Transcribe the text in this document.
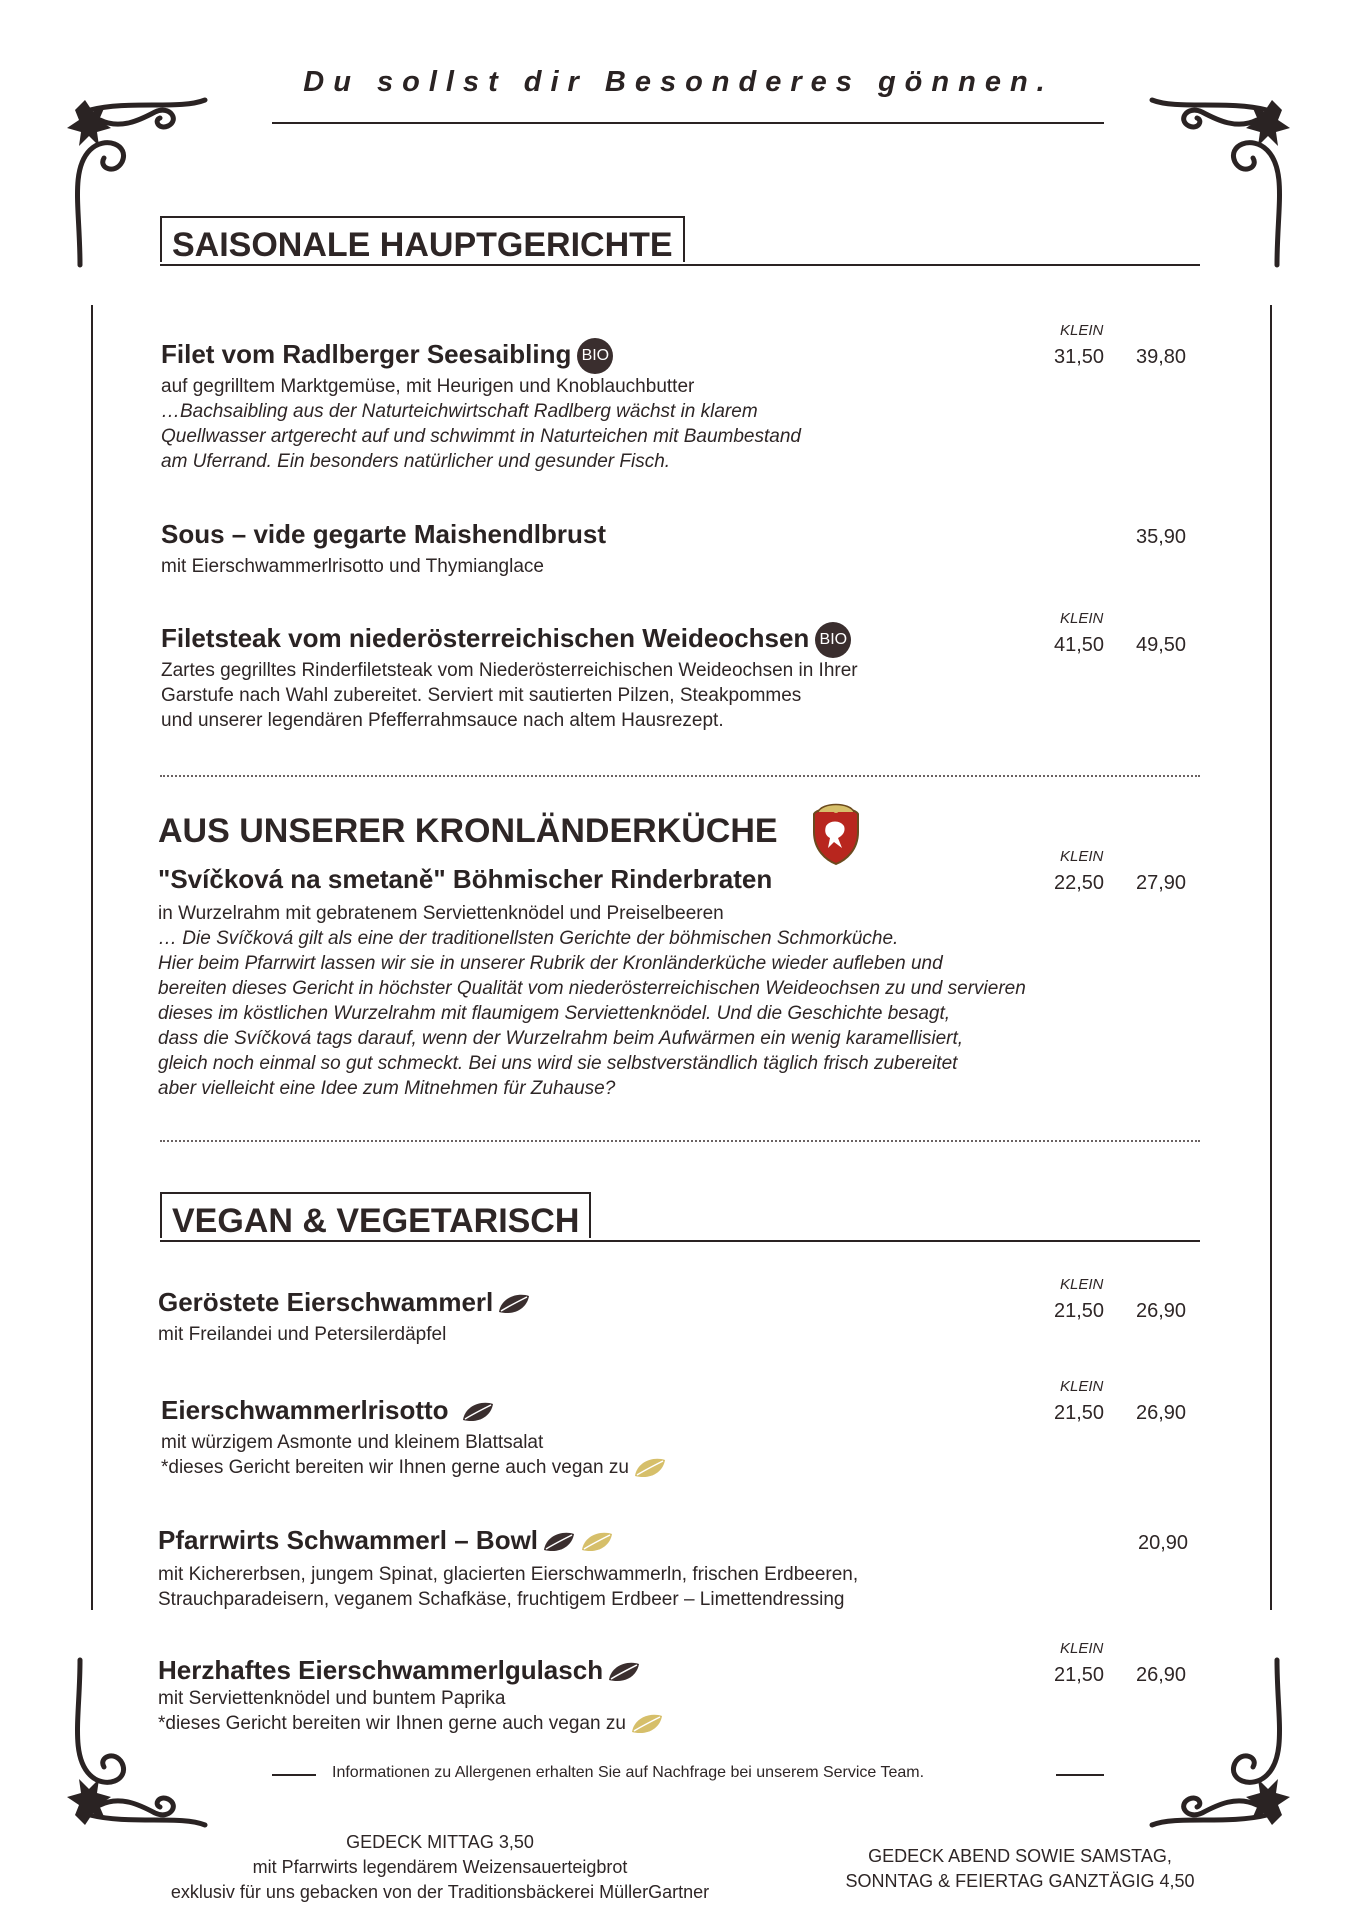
Du sollst dir Besonderes gönnen.
SAISONALE HAUPTGERICHTE
Filet vom Radlberger Seesaibling BIO
auf gegrilltem Marktgemüse, mit Heurigen und Knoblauchbutter
…Bachsaibling aus der Naturteichwirtschaft Radlberg wächst in klarem
Quellwasser artgerecht auf und schwimmt in Naturteichen mit Baumbestand
am Uferrand. Ein besonders natürlicher und gesunder Fisch.
KLEIN
31,50 39,80
Sous – vide gegarte Maishendlbrust
mit Eierschwammerlrisotto und Thymianglace
35,90
Filetsteak vom niederösterreichischen Weideochsen BIO
Zartes gegrilltes Rinderfiletsteak vom Niederösterreichischen Weideochsen in Ihrer
Garstufe nach Wahl zubereitet. Serviert mit sautierten Pilzen, Steakpommes
und unserer legendären Pfefferrahmsauce nach altem Hausrezept.
KLEIN
41,50 49,50
AUS UNSERER KRONLÄNDERKÜCHE
"Svíčková na smetaně" Böhmischer Rinderbraten
in Wurzelrahm mit gebratenem Serviettenknödel und Preiselbeeren
… Die Svíčková gilt als eine der traditionellsten Gerichte der böhmischen Schmorküche.
Hier beim Pfarrwirt lassen wir sie in unserer Rubrik der Kronländerküche wieder aufleben und
bereiten dieses Gericht in höchster Qualität vom niederösterreichischen Weideochsen zu und servieren
dieses im köstlichen Wurzelrahm mit flaumigem Serviettenknödel. Und die Geschichte besagt,
dass die Svíčková tags darauf, wenn der Wurzelrahm beim Aufwärmen ein wenig karamellisiert,
gleich noch einmal so gut schmeckt. Bei uns wird sie selbstverständlich täglich frisch zubereitet
aber vielleicht eine Idee zum Mitnehmen für Zuhause?
KLEIN
22,50 27,90
VEGAN & VEGETARISCH
Geröstete Eierschwammerl
mit Freilandei und Petersilerdäpfel
KLEIN
21,50 26,90
Eierschwammerlrisotto
mit würzigem Asmonte und kleinem Blattsalat
*dieses Gericht bereiten wir Ihnen gerne auch vegan zu
KLEIN
21,50 26,90
Pfarrwirts Schwammerl – Bowl
mit Kichererbsen, jungem Spinat, glacierten Eierschwammerln, frischen Erdbeeren,
Strauchparadeisern, veganem Schafkäse, fruchtigem Erdbeer – Limettendressing
20,90
Herzhaftes Eierschwammerlgulasch
mit Serviettenknödel und buntem Paprika
*dieses Gericht bereiten wir Ihnen gerne auch vegan zu
KLEIN
21,50 26,90
Informationen zu Allergenen erhalten Sie auf Nachfrage bei unserem Service Team.
GEDECK MITTAG 3,50
mit Pfarrwirts legendärem Weizensauerteigbrot
exklusiv für uns gebacken von der Traditionsbäckerei MüllerGartner
GEDECK ABEND SOWIE SAMSTAG,
SONNTAG & FEIERTAG GANZTÄGIG 4,50
